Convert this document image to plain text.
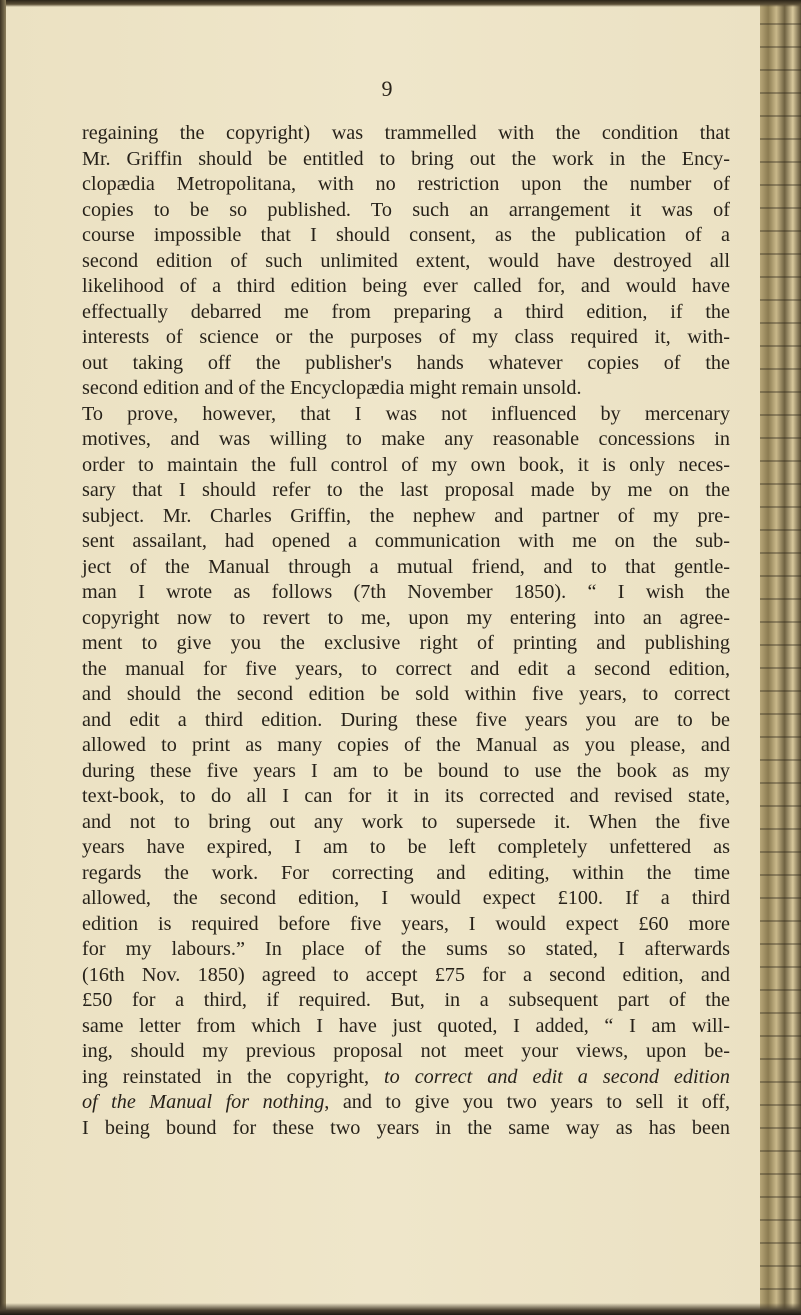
9
regaining the copyright) was trammelled with the condition that
Mr. Griffin should be entitled to bring out the work in the Ency-
clopædia Metropolitana, with no restriction upon the number of
copies to be so published. To such an arrangement it was of
course impossible that I should consent, as the publication of a
second edition of such unlimited extent, would have destroyed all
likelihood of a third edition being ever called for, and would have
effectually debarred me from preparing a third edition, if the
interests of science or the purposes of my class required it, with-
out taking off the publisher's hands whatever copies of the
second edition and of the Encyclopædia might remain unsold.
To prove, however, that I was not influenced by mercenary
motives, and was willing to make any reasonable concessions in
order to maintain the full control of my own book, it is only neces-
sary that I should refer to the last proposal made by me on the
subject. Mr. Charles Griffin, the nephew and partner of my pre-
sent assailant, had opened a communication with me on the sub-
ject of the Manual through a mutual friend, and to that gentle-
man I wrote as follows (7th November 1850). “ I wish the
copyright now to revert to me, upon my entering into an agree-
ment to give you the exclusive right of printing and publishing
the manual for five years, to correct and edit a second edition,
and should the second edition be sold within five years, to correct
and edit a third edition. During these five years you are to be
allowed to print as many copies of the Manual as you please, and
during these five years I am to be bound to use the book as my
text-book, to do all I can for it in its corrected and revised state,
and not to bring out any work to supersede it. When the five
years have expired, I am to be left completely unfettered as
regards the work. For correcting and editing, within the time
allowed, the second edition, I would expect £100. If a third
edition is required before five years, I would expect £60 more
for my labours.” In place of the sums so stated, I afterwards
(16th Nov. 1850) agreed to accept £75 for a second edition, and
£50 for a third, if required. But, in a subsequent part of the
same letter from which I have just quoted, I added, “ I am will-
ing, should my previous proposal not meet your views, upon be-
ing reinstated in the copyright, to correct and edit a second edition
of the Manual for nothing, and to give you two years to sell it off,
I being bound for these two years in the same way as has been
